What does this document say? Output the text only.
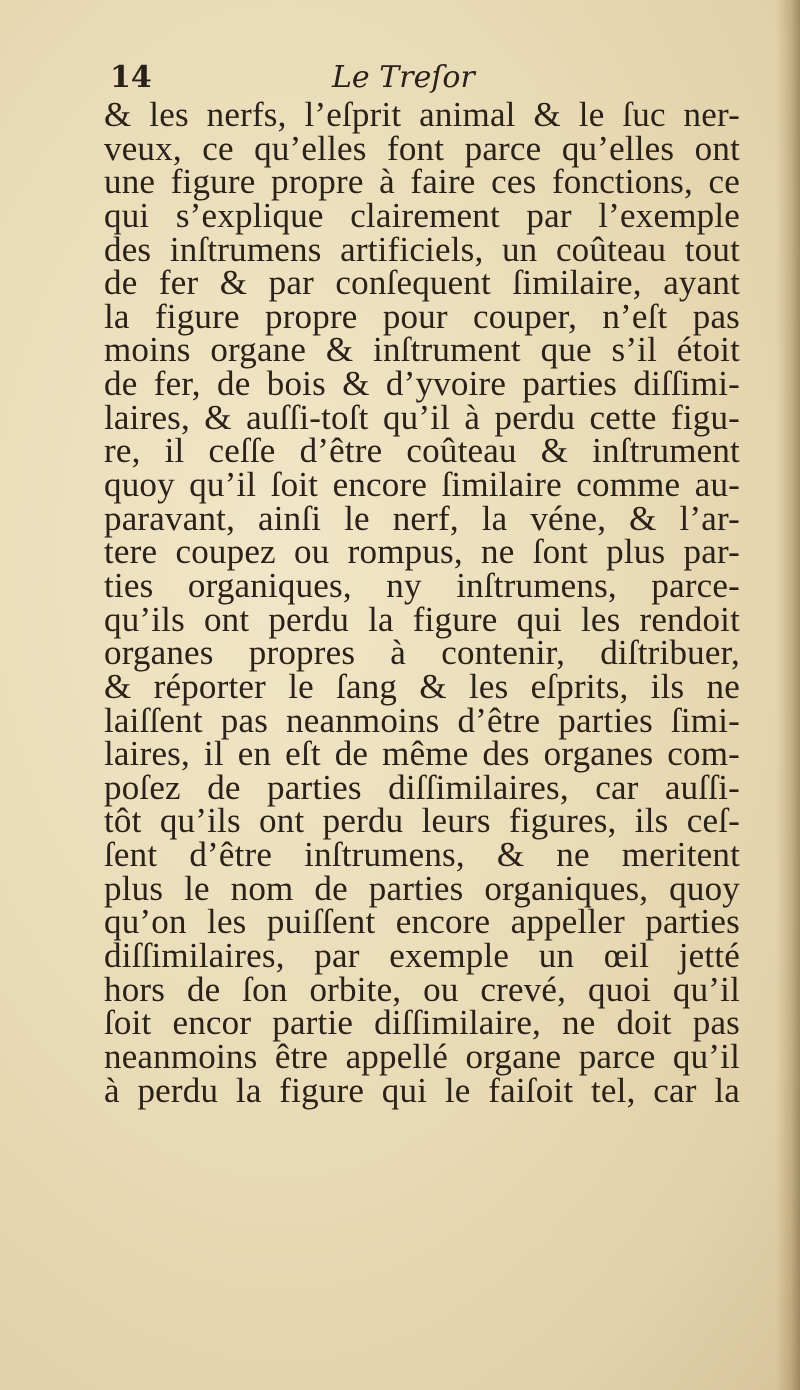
14	Le Treſor
& les nerfs, l’eſprit animal & le ſuc ner-
veux, ce qu’elles font parce qu’elles ont
une figure propre à faire ces fonctions, ce
qui s’explique clairement par l’exemple
des inſtrumens artificiels, un coûteau tout
de fer & par conſequent ſimilaire, ayant
la figure propre pour couper, n’eſt pas
moins organe & inſtrument que s’il étoit
de fer, de bois & d’yvoire parties diſſimi-
laires, & auſſi-toſt qu’il à perdu cette figu-
re, il ceſſe d’être coûteau & inſtrument
quoy qu’il ſoit encore ſimilaire comme au-
paravant, ainſi le nerf, la véne, & l’ar-
tere coupez ou rompus, ne ſont plus par-
ties organiques, ny inſtrumens, parce-
qu’ils ont perdu la figure qui les rendoit
organes propres à contenir, diſtribuer,
& réporter le ſang & les eſprits, ils ne
laiſſent pas neanmoins d’être parties ſimi-
laires, il en eſt de même des organes com-
poſez de parties diſſimilaires, car auſſi-
tôt qu’ils ont perdu leurs figures, ils ceſ-
ſent d’être inſtrumens, & ne meritent
plus le nom de parties organiques, quoy
qu’on les puiſſent encore appeller parties
diſſimilaires, par exemple un œil jetté
hors de ſon orbite, ou crevé, quoi qu’il
ſoit encor partie diſſimilaire, ne doit pas
neanmoins être appellé organe parce qu’il
à perdu la figure qui le faiſoit tel, car la
